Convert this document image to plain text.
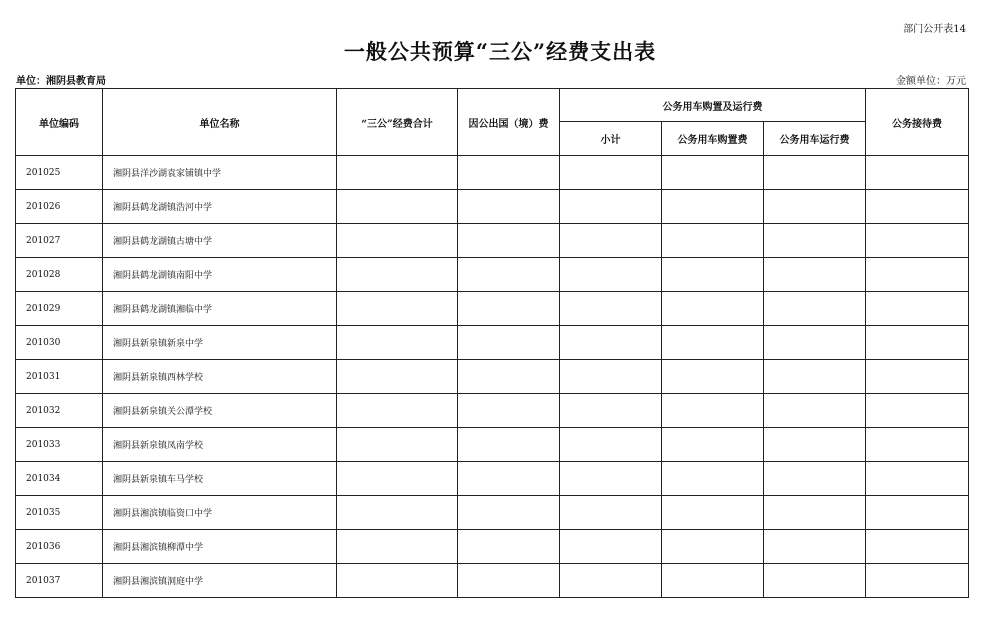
部门公开表14
一般公共预算“三公”经费支出表
单位：湘阴县教育局	金额单位：万元
单位编码	单位名称	“三公”经费合计	因公出国（境）费	公务用车购置及运行费			公务接待费
				小计	公务用车购置费	公务用车运行费	
201025	湘阴县洋沙湖袁家铺镇中学						
201026	湘阴县鹤龙湖镇浩河中学						
201027	湘阴县鹤龙湖镇古塘中学						
201028	湘阴县鹤龙湖镇南阳中学						
201029	湘阴县鹤龙湖镇湘临中学						
201030	湘阴县新泉镇新泉中学						
201031	湘阴县新泉镇西林学校						
201032	湘阴县新泉镇关公潭学校						
201033	湘阴县新泉镇凤南学校						
201034	湘阴县新泉镇车马学校						
201035	湘阴县湘滨镇临资口中学						
201036	湘阴县湘滨镇柳潭中学						
201037	湘阴县湘滨镇洞庭中学						
